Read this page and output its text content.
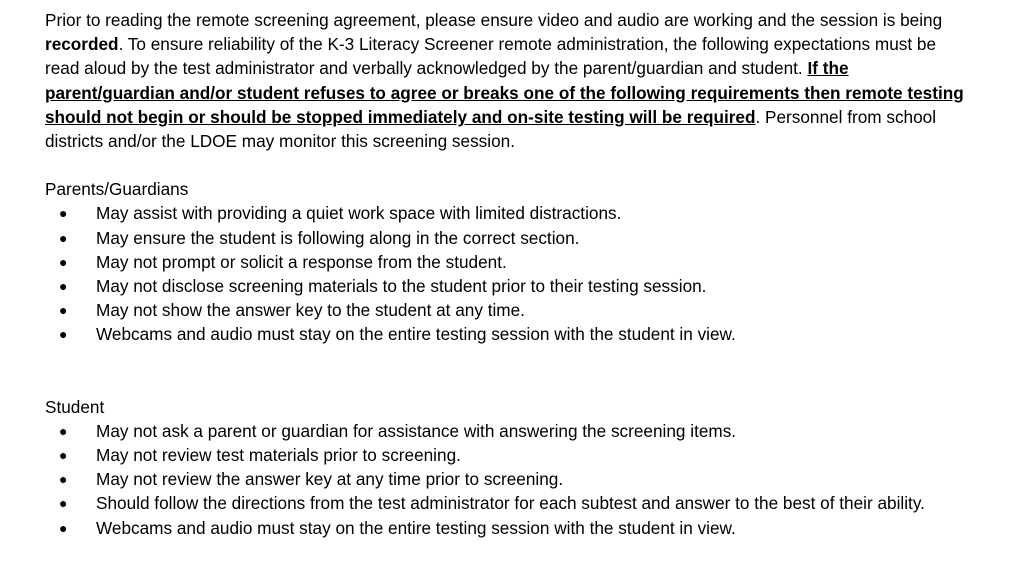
Prior to reading the remote screening agreement, please ensure video and audio are working and the session is being recorded. To ensure reliability of the K-3 Literacy Screener remote administration, the following expectations must be read aloud by the test administrator and verbally acknowledged by the parent/guardian and student. If the parent/guardian and/or student refuses to agree or breaks one of the following requirements then remote testing should not begin or should be stopped immediately and on-site testing will be required. Personnel from school districts and/or the LDOE may monitor this screening session.

Parents/Guardians
● May assist with providing a quiet work space with limited distractions.
● May ensure the student is following along in the correct section.
● May not prompt or solicit a response from the student.
● May not disclose screening materials to the student prior to their testing session.
● May not show the answer key to the student at any time.
● Webcams and audio must stay on the entire testing session with the student in view.
Student
● May not ask a parent or guardian for assistance with answering the screening items.
● May not review test materials prior to screening.
● May not review the answer key at any time prior to screening.
● Should follow the directions from the test administrator for each subtest and answer to the best of their ability.
● Webcams and audio must stay on the entire testing session with the student in view.
